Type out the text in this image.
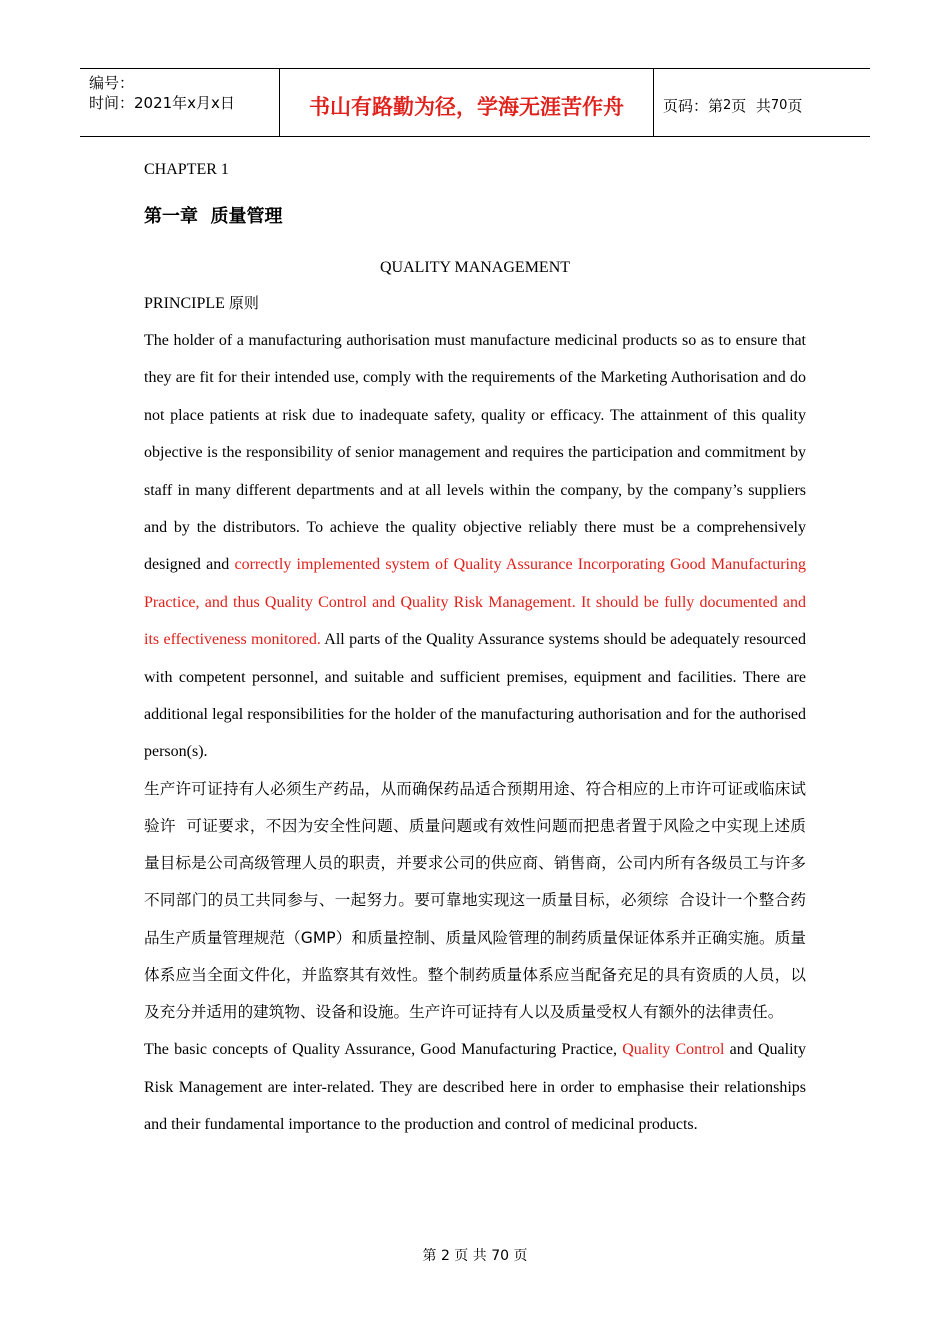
编号：
时间：2021年x月x日	书山有路勤为径，学海无涯苦作舟	页码：第 2 页  共 70 页

CHAPTER 1

第一章  质量管理

QUALITY MANAGEMENT

PRINCIPLE 原则

The holder of a manufacturing authorisation must manufacture medicinal products so as to ensure that they are fit for their intended use, comply with the requirements of the Marketing Authorisation and do not place patients at risk due to inadequate safety, quality or efficacy. The attainment of this quality objective is the responsibility of senior management and requires the participation and commitment by staff in many different departments and at all levels within the company, by the company’s suppliers and by the distributors. To achieve the quality objective reliably there must be a comprehensively designed and correctly implemented system of Quality Assurance Incorporating Good Manufacturing Practice, and thus Quality Control and Quality Risk Management. It should be fully documented and its effectiveness monitored. All parts of the Quality Assurance systems should be adequately resourced with competent personnel, and suitable and sufficient premises, equipment and facilities. There are additional legal responsibilities for the holder of the manufacturing authorisation and for the authorised person(s).

生产许可证持有人必须生产药品，从而确保药品适合预期用途、符合相应的上市许可证或临床试验许  可证要求，不因为安全性问题、质量问题或有效性问题而把患者置于风险之中实现上述质量目标是公司高级管理人员的职责，并要求公司的供应商、销售商，公司内所有各级员工与许多不同部门的员工共同参与、一起努力。要可靠地实现这一质量目标，必须综  合设计一个整合药品生产质量管理规范（GMP）和质量控制、质量风险管理的制药质量保证体系并正确实施。质量体系应当全面文件化，并监察其有效性。整个制药质量体系应当配备充足的具有资质的人员，以及充分并适用的建筑物、设备和设施。生产许可证持有人以及质量受权人有额外的法律责任。

The basic concepts of Quality Assurance, Good Manufacturing Practice, Quality Control and Quality Risk Management are inter-related. They are described here in order to emphasise their relationships and their fundamental importance to the production and control of medicinal products.

第 2 页 共 70 页
